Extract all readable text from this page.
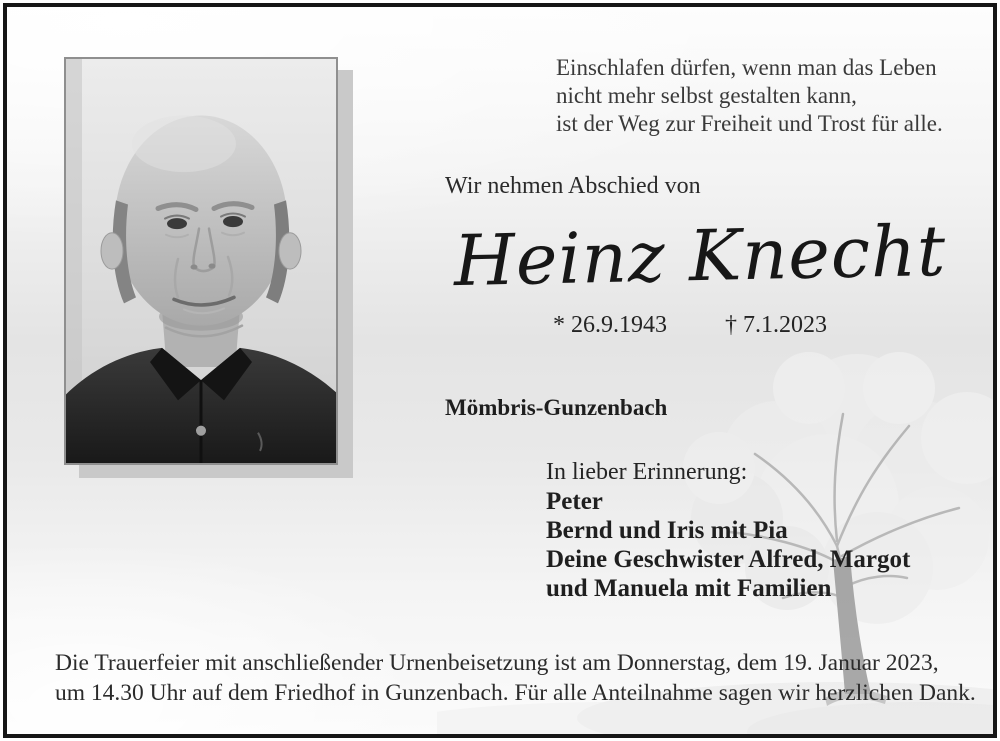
Einschlafen dürfen, wenn man das Leben
nicht mehr selbst gestalten kann,
ist der Weg zur Freiheit und Trost für alle.
Wir nehmen Abschied von
Heinz Knecht
* 26.9.1943 † 7.1.2023
Mömbris-Gunzenbach
In lieber Erinnerung:
Peter
Bernd und Iris mit Pia
Deine Geschwister Alfred, Margot
und Manuela mit Familien
Die Trauerfeier mit anschließender Urnenbeisetzung ist am Donnerstag, dem 19. Januar 2023,
um 14.30 Uhr auf dem Friedhof in Gunzenbach. Für alle Anteilnahme sagen wir herzlichen Dank.
